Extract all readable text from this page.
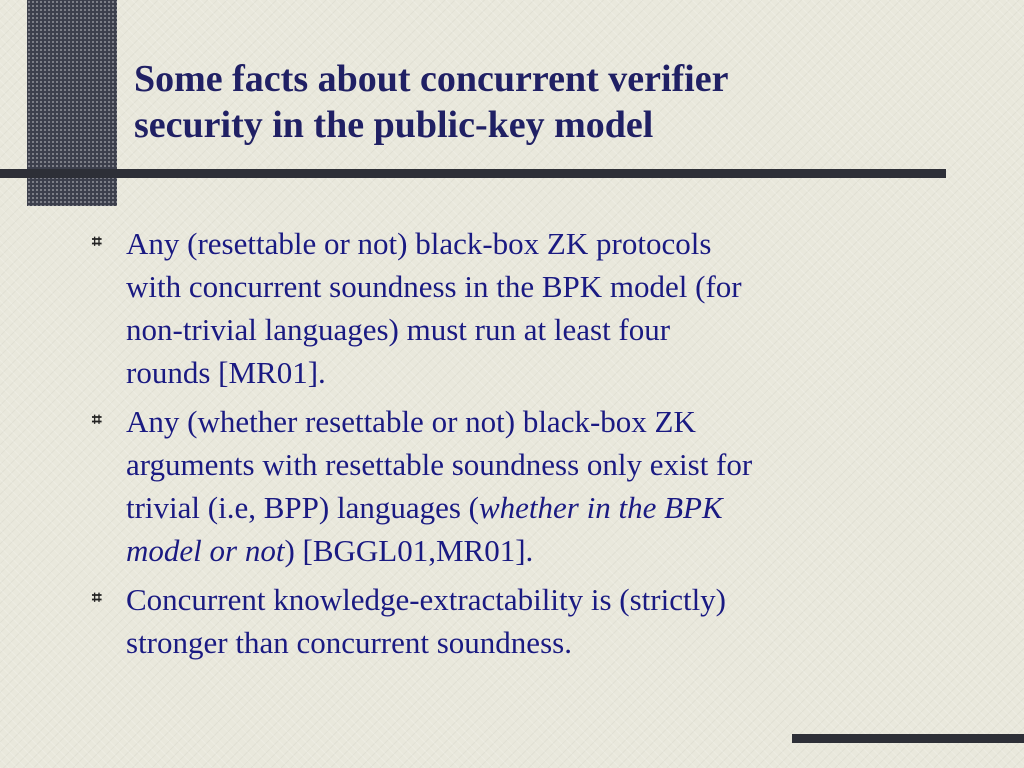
Some facts about concurrent verifier
security in the public-key model
⌗
Any (resettable or not) black-box ZK protocols
with concurrent soundness in the BPK model (for
non-trivial languages) must run at least four
rounds [MR01].
⌗
Any (whether resettable or not) black-box ZK
arguments with resettable soundness only exist for
trivial (i.e, BPP) languages (whether in the BPK
model or not) [BGGL01,MR01].
⌗
Concurrent knowledge-extractability is (strictly)
stronger than concurrent soundness.
